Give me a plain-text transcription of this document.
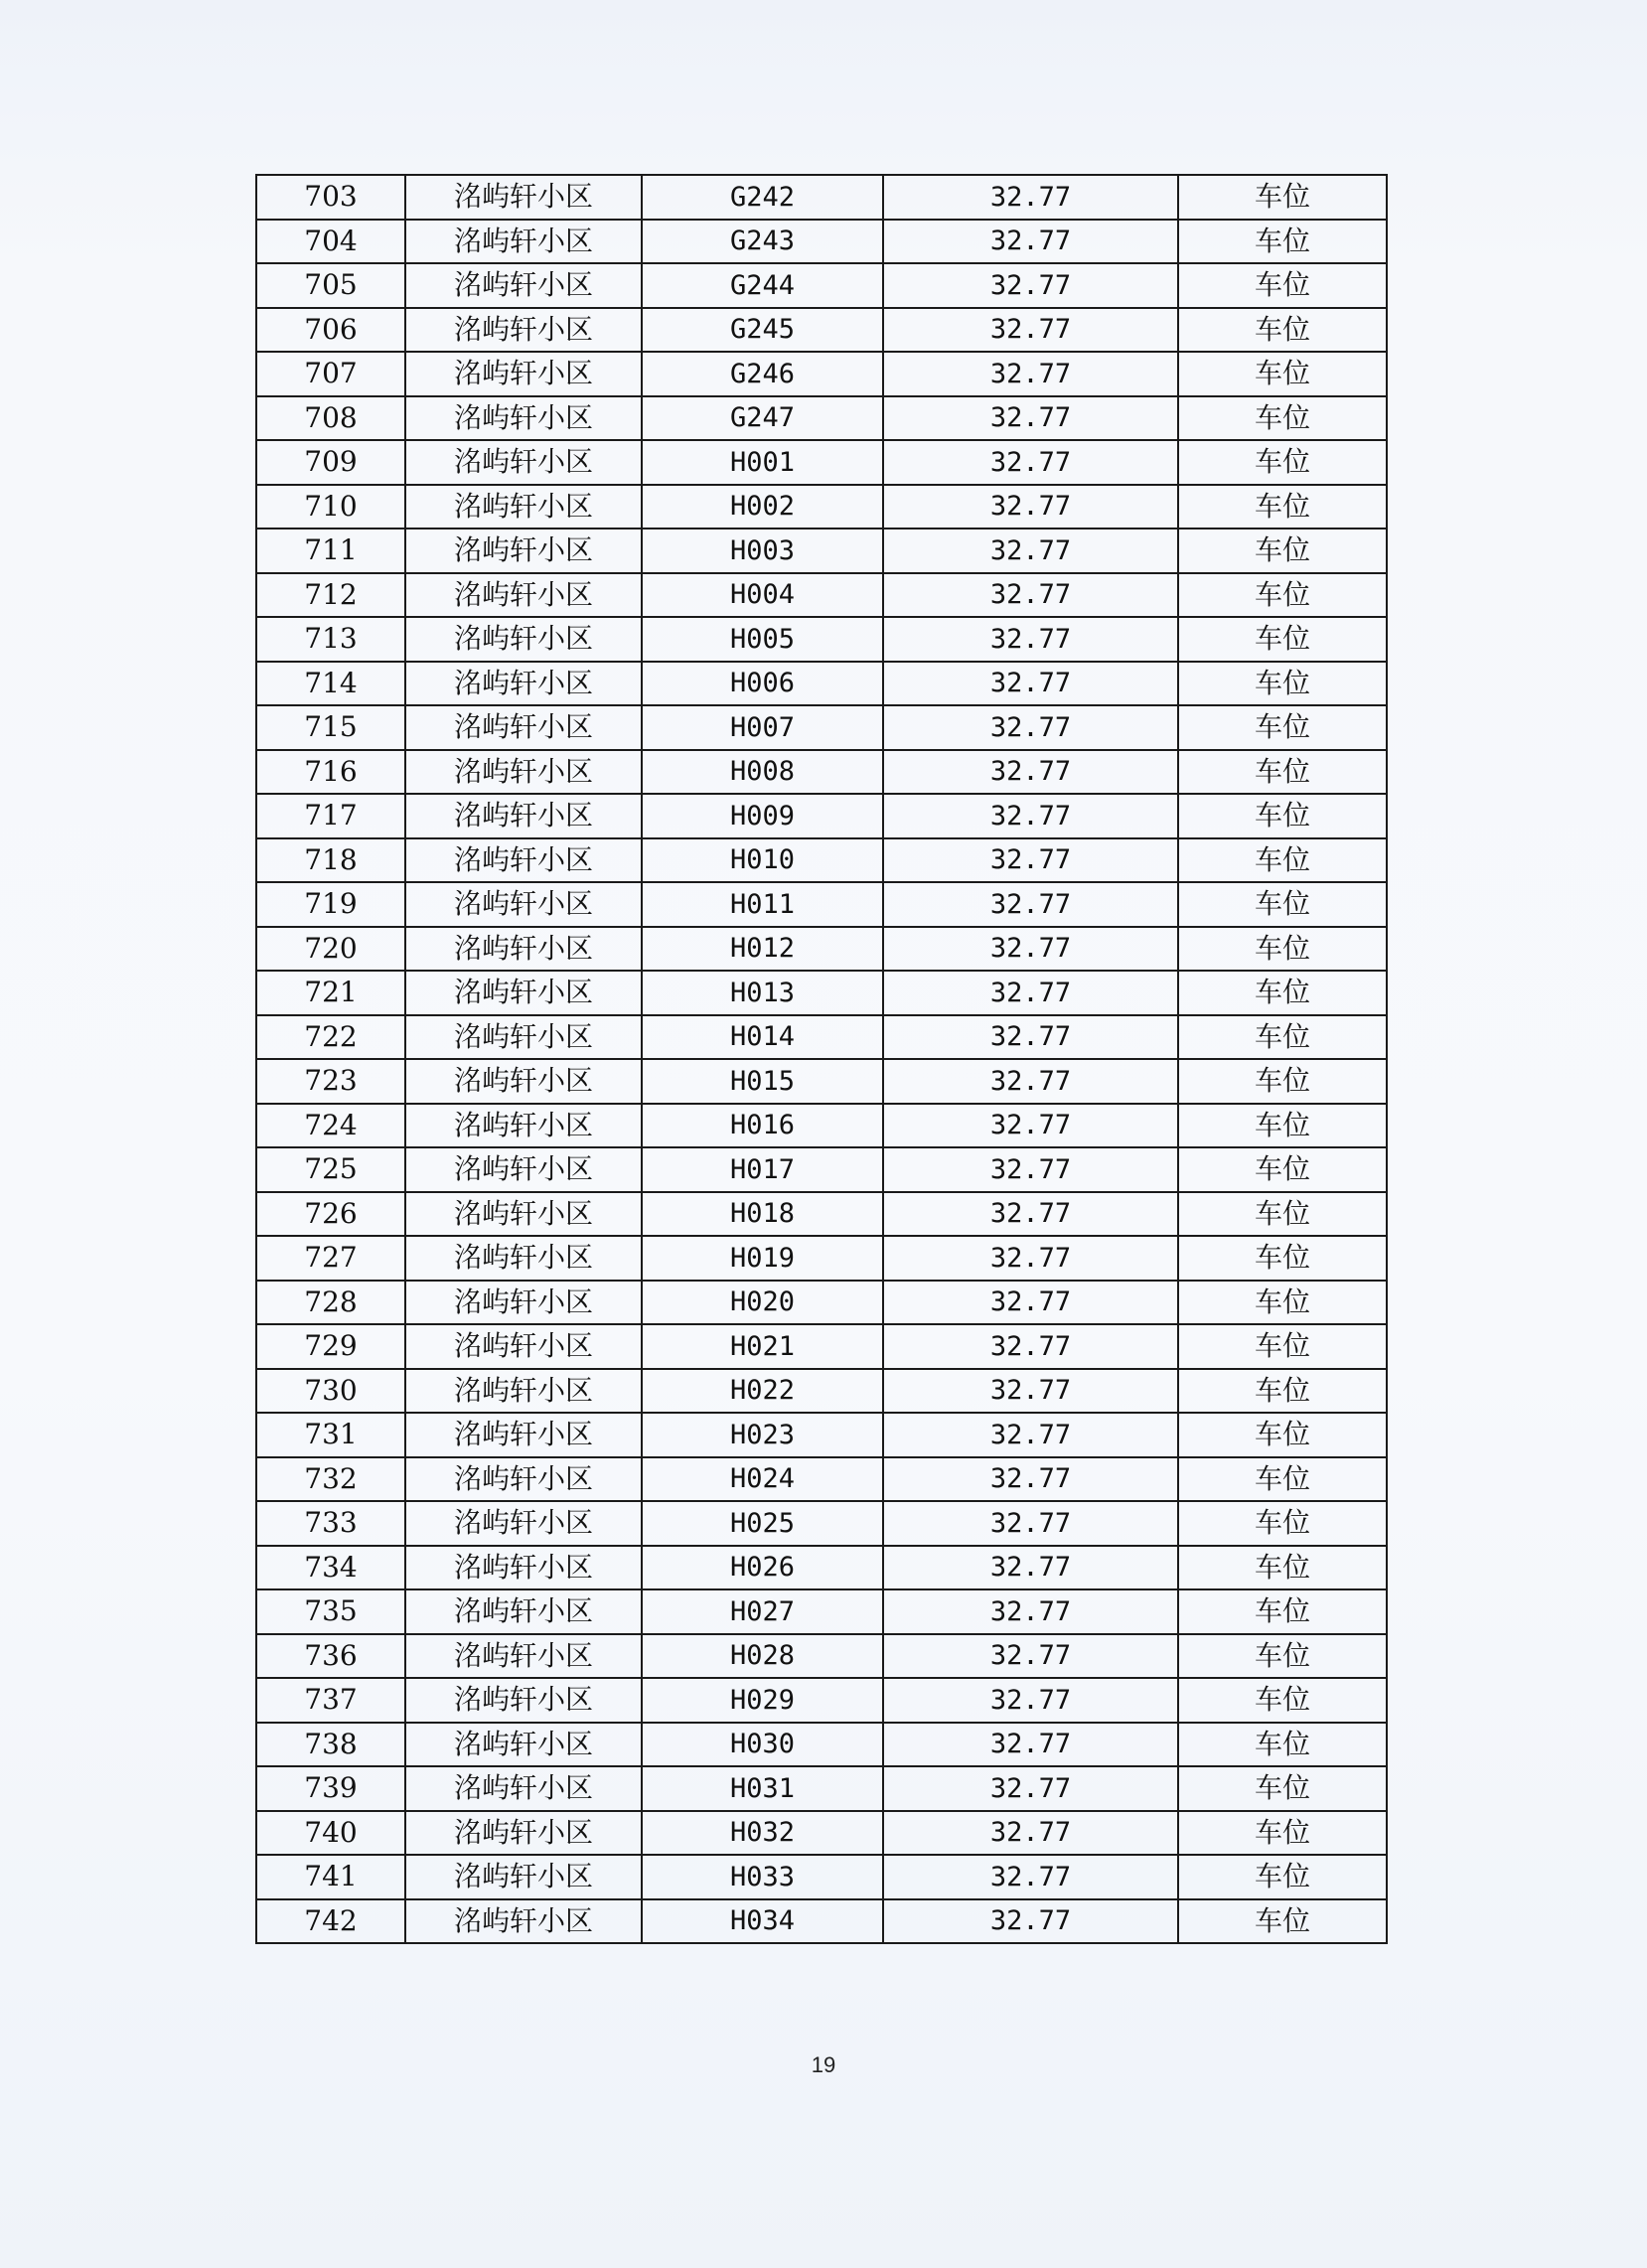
703	洺屿轩小区	G242	32.77	车位
704	洺屿轩小区	G243	32.77	车位
705	洺屿轩小区	G244	32.77	车位
706	洺屿轩小区	G245	32.77	车位
707	洺屿轩小区	G246	32.77	车位
708	洺屿轩小区	G247	32.77	车位
709	洺屿轩小区	H001	32.77	车位
710	洺屿轩小区	H002	32.77	车位
711	洺屿轩小区	H003	32.77	车位
712	洺屿轩小区	H004	32.77	车位
713	洺屿轩小区	H005	32.77	车位
714	洺屿轩小区	H006	32.77	车位
715	洺屿轩小区	H007	32.77	车位
716	洺屿轩小区	H008	32.77	车位
717	洺屿轩小区	H009	32.77	车位
718	洺屿轩小区	H010	32.77	车位
719	洺屿轩小区	H011	32.77	车位
720	洺屿轩小区	H012	32.77	车位
721	洺屿轩小区	H013	32.77	车位
722	洺屿轩小区	H014	32.77	车位
723	洺屿轩小区	H015	32.77	车位
724	洺屿轩小区	H016	32.77	车位
725	洺屿轩小区	H017	32.77	车位
726	洺屿轩小区	H018	32.77	车位
727	洺屿轩小区	H019	32.77	车位
728	洺屿轩小区	H020	32.77	车位
729	洺屿轩小区	H021	32.77	车位
730	洺屿轩小区	H022	32.77	车位
731	洺屿轩小区	H023	32.77	车位
732	洺屿轩小区	H024	32.77	车位
733	洺屿轩小区	H025	32.77	车位
734	洺屿轩小区	H026	32.77	车位
735	洺屿轩小区	H027	32.77	车位
736	洺屿轩小区	H028	32.77	车位
737	洺屿轩小区	H029	32.77	车位
738	洺屿轩小区	H030	32.77	车位
739	洺屿轩小区	H031	32.77	车位
740	洺屿轩小区	H032	32.77	车位
741	洺屿轩小区	H033	32.77	车位
742	洺屿轩小区	H034	32.77	车位
19
